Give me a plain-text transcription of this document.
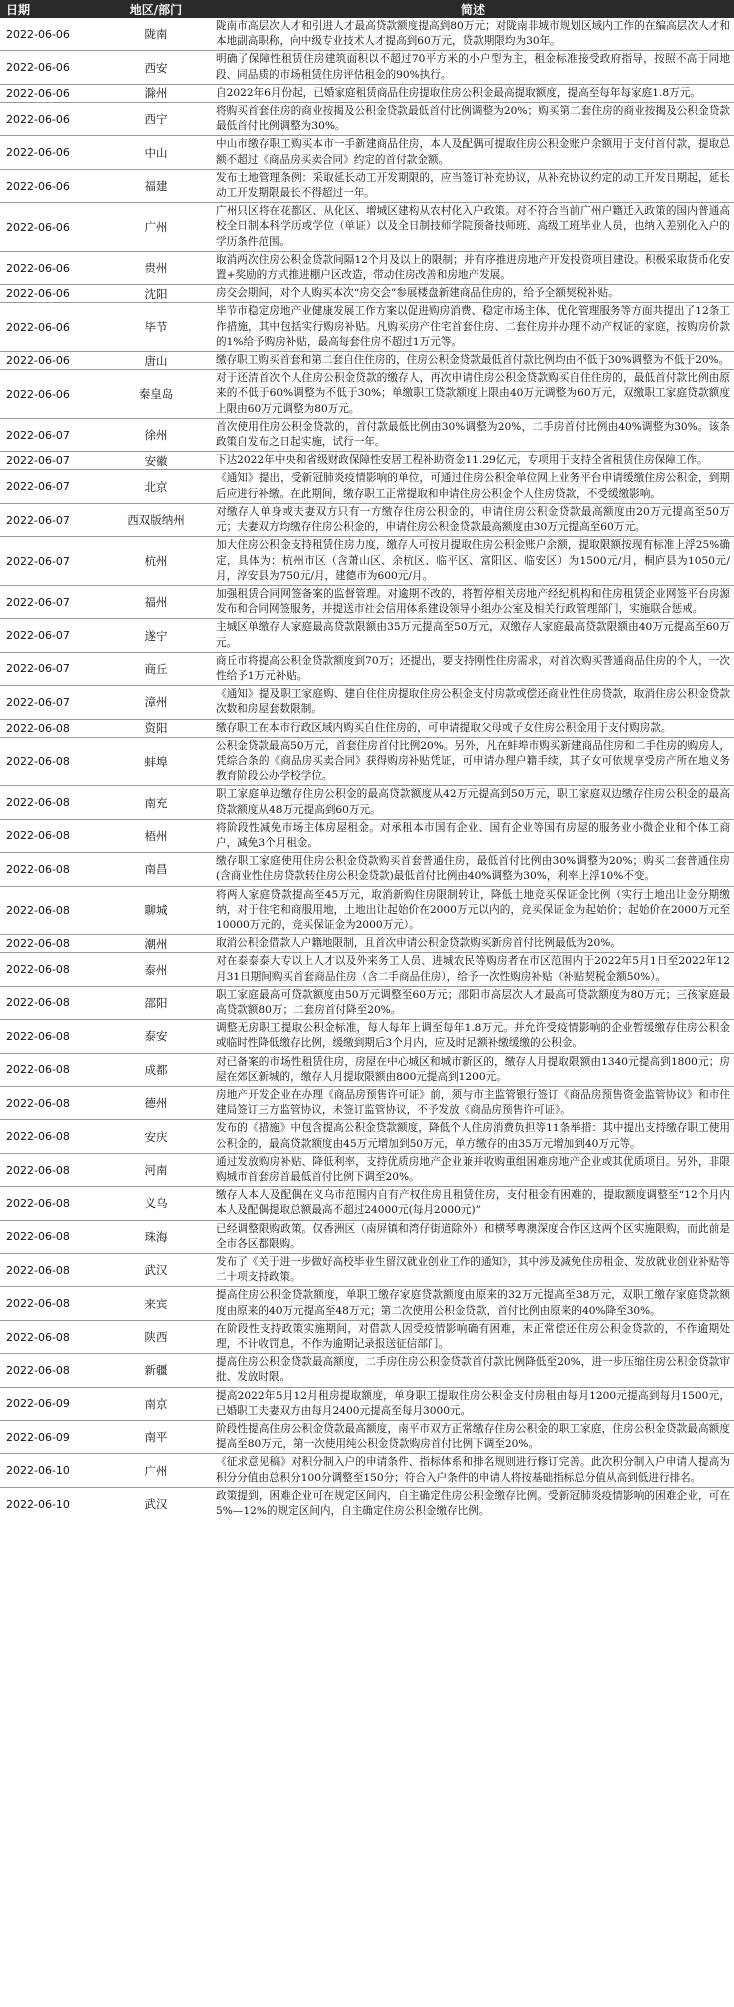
日期	地区/部门	简述
2022-06-06	陇南	陇南市高层次人才和引进人才最高贷款额度提高到80万元；对陇南非城市规划区域内工作的在编高层次人才和本地副高职称，向中级专业技术人才提高到60万元，贷款期限均为30年。
2022-06-06	西安	明确了保障性租赁住房建筑面积以不超过70平方米的小户型为主，租金标准接受政府指导，按照不高于同地段、同品质的市场租赁住房评估租金的90%执行。
2022-06-06	滁州	自2022年6月份起，已婚家庭租赁商品住房提取住房公积金最高提取额度，提高至每年每家庭1.8万元。
2022-06-06	西宁	将购买首套住房的商业按揭及公积金贷款最低首付比例调整为20%；购买第二套住房的商业按揭及公积金贷款最低首付比例调整为30%。
2022-06-06	中山	中山市缴存职工购买本市一手新建商品住房，本人及配偶可提取住房公积金账户余额用于支付首付款，提取总额不超过《商品房买卖合同》约定的首付款金额。
2022-06-06	福建	发布土地管理条例：采取延长动工开发期限的，应当签订补充协议，从补充协议约定的动工开发日期起，延长动工开发期限最长不得超过一年。
2022-06-06	广州	广州只区将在花都区、从化区、增城区建构从农村化入户政策。对不符合当前广州户籍迁入政策的国内普通高校全日制本科学历或学位（单证）以及全日制技师学院预备技师班、高级工班毕业人员，也纳入差别化入户的学历条件范围。
2022-06-06	贵州	取消两次住房公积金贷款间隔12个月及以上的限制；并有序推进房地产开发投资项目建设。积极采取货币化安置+奖励的方式推进棚户区改造，带动住房改善和房地产发展。
2022-06-06	沈阳	房交会期间，对个人购买本次“房交会”参展楼盘新建商品住房的，给予全额契税补贴。
2022-06-06	毕节	毕节市稳定房地产业健康发展工作方案以促进购房消费、稳定市场主体、优化管理服务等方面共提出了12条工作措施，其中包括实行购房补贴。凡购买房产住宅首套住房、二套住房并办理不动产权证的家庭，按购房价款的1%给予购房补贴，最高每套住房不超过1万元等。
2022-06-06	唐山	缴存职工购买首套和第二套自住住房的，住房公积金贷款最低首付款比例均由不低于30%调整为不低于20%。
2022-06-06	秦皇岛	对于还清首次个人住房公积金贷款的缴存人，再次申请住房公积金贷款购买自住住房的，最低首付款比例由原来的不低于60%调整为不低于30%；单缴职工贷款额度上限由40万元调整为60万元，双缴职工家庭贷款额度上限由60万元调整为80万元。
2022-06-07	徐州	首次使用住房公积金贷款的，首付款最低比例由30%调整为20%，二手房首付比例由40%调整为30%。该条政策自发布之日起实施，试行一年。
2022-06-07	安徽	下达2022年中央和省级财政保障性安居工程补助资金11.29亿元，专项用于支持全省租赁住房保障工作。
2022-06-07	北京	《通知》提出，受新冠肺炎疫情影响的单位，可通过住房公积金单位网上业务平台申请缓缴住房公积金，到期后应进行补缴。在此期间，缴存职工正常提取和申请住房公积金个人住房贷款，不受缓缴影响。
2022-06-07	西双版纳州	对缴存人单身或夫妻双方只有一方缴存住房公积金的，申请住房公积金贷款最高额度由20万元提高至50万元；夫妻双方均缴存住房公积金的，申请住房公积金贷款最高额度由30万元提高至60万元。
2022-06-07	杭州	加大住房公积金支持租赁住房力度，缴存人可按月提取住房公积金账户余额，提取限额按现有标准上浮25%确定，具体为：杭州市区（含萧山区、余杭区、临平区、富阳区、临安区）为1500元/月，桐庐县为1050元/月，淳安县为750元/月，建德市为600元/月。
2022-06-07	福州	加强租赁合同网签备案的监督管理。对逾期不改的，将暂停相关房地产经纪机构和住房租赁企业网签平台房源发布和合同网签服务，并提送市社会信用体系建设领导小组办公室及相关行政管理部门，实施联合惩戒。
2022-06-07	遂宁	主城区单缴存人家庭最高贷款限额由35万元提高至50万元，双缴存人家庭最高贷款限额由40万元提高至60万元。
2022-06-07	商丘	商丘市将提高公积金贷款额度到70万；还提出，要支持刚性住房需求，对首次购买普通商品住房的个人，一次性给予1万元补贴。
2022-06-07	漳州	《通知》提及职工家庭购、建自住住房提取住房公积金支付房款或偿还商业性住房贷款，取消住房公积金贷款次数和房屋套数限制。
2022-06-08	资阳	缴存职工在本市行政区域内购买自住住房的，可申请提取父母或子女住房公积金用于支付购房款。
2022-06-08	蚌埠	公积金贷款最高50万元，首套住房首付比例20%。另外，凡在蚌埠市购买新建商品住房和二手住房的购房人，凭综合条的《商品房买卖合同》获得购房补贴凭证，可申请办理户籍手续，其子女可依规享受房产所在地义务教育阶段公办学校学位。
2022-06-08	南充	职工家庭单边缴存住房公积金的最高贷款额度从42万元提高到50万元，职工家庭双边缴存住房公积金的最高贷款额度从48万元提高到60万元。
2022-06-08	梧州	将阶段性减免市场主体房屋租金。对承租本市国有企业、国有企业等国有房屋的服务业小微企业和个体工商户，减免3个月租金。
2022-06-08	南昌	缴存职工家庭使用住房公积金贷款购买首套普通住房，最低首付比例由30%调整为20%；购买二套普通住房(含商业性住房贷款转住房公积金贷款)最低首付比例由40%调整为30%，利率上浮10%不变。
2022-06-08	聊城	将两人家庭贷款提高至45万元，取消新购住房限制转让，降低土地竞买保证金比例（实行土地出让金分期缴纳，对于住宅和商服用地，土地出让起始价在2000万元以内的，竞买保证金为起始价；起始价在2000万元至10000万元的，竞买保证金为2000万元）。
2022-06-08	潮州	取消公积金借款人户籍地限制，且首次申请公积金贷款购买新房首付比例最低为20%。
2022-06-08	泰州	对在泰泰泰大专以上人才以及外来务工人员、进城农民等购房者在市区范围内于2022年5月1日至2022年12月31日期间购买首套商品住房（含二手商品住房），给予一次性购房补贴（补贴契税金额50%）。
2022-06-08	邵阳	职工家庭最高可贷款额度由50万元调整至60万元；邵阳市高层次人才最高可贷款额度为80万元；三孩家庭最高贷款额80万；二套房首付降至20%。
2022-06-08	泰安	调整无房职工提取公积金标准，每人每年上调至每年1.8万元。并允许受疫情影响的企业暂缓缴存住房公积金或临时性降低缴存比例，缓缴到期后3个月内，应及时足额补缴缓缴的公积金。
2022-06-08	成都	对已备案的市场性租赁住房，房屋在中心城区和城市新区的，缴存人月提取限额由1340元提高到1800元；房屋在郊区新城的，缴存人月提取限额由800元提高到1200元。
2022-06-08	德州	房地产开发企业在办理《商品房预售许可证》前，须与市主监管银行签订《商品房预售资金监管协议》和市住建局签订三方监管协议，未签订监管协议，不予发放《商品房预售许可证》。
2022-06-08	安庆	发布的《措施》中包含提高公积金贷款额度，降低个人住房消费负担等11条举措：其中提出支持缴存职工使用公积金的，最高贷款额度由45万元增加到50万元，单方缴存的由35万元增加到40万元等。
2022-06-08	河南	通过发放购房补贴、降低利率，支持优质房地产企业兼并收购重组困难房地产企业或其优质项目。另外，非限购城市首套房首最低首付比例下调至20%。
2022-06-08	义乌	缴存人本人及配偶在义乌市范围内自有产权住房且租赁住房，支付租金有困难的，提取额度调整至“12个月内本人及配偶提取总额最高不超过24000元(每月2000元)”
2022-06-08	珠海	已经调整限购政策。仅香洲区（南屏镇和湾仔街道除外）和横琴粤澳深度合作区这两个区实施限购，而此前是全市各区都限购。
2022-06-08	武汉	发布了《关于进一步做好高校毕业生留汉就业创业工作的通知》，其中涉及减免住房租金、发放就业创业补贴等二十项支持政策。
2022-06-08	来宾	提高住房公积金贷款额度，单职工缴存家庭贷款额度由原来的32万元提高至38万元，双职工缴存家庭贷款额度由原来的40万元提高至48万元；第二次使用公积金贷款，首付比例由原来的40%降至30%。
2022-06-08	陕西	在阶段性支持政策实施期间，对借款人因受疫情影响确有困难，未正常偿还住房公积金贷款的，不作逾期处理，不计收罚息，不作为逾期记录报送征信部门。
2022-06-08	新疆	提高住房公积金贷款最高额度，二手房住房公积金贷款首付款比例降低至20%，进一步压缩住房公积金贷款审批、发放时限。
2022-06-09	南京	提高2022年5月12月租房提取额度，单身职工提取住房公积金支付房租由每月1200元提高到每月1500元，已婚职工夫妻双方由每月2400元提高至每月3000元。
2022-06-09	南平	阶段性提高住房公积金贷款最高额度，南平市双方正常缴存住房公积金的职工家庭，住房公积金贷款最高额度提高至80万元，第一次使用纯公积金贷款购房首付比例下调至20%。
2022-06-10	广州	《征求意见稿》对积分制入户的申请条件、指标体系和排名规则进行修订完善。此次积分制入户申请人提高为积分分值由总积分100分调整至150分；符合入户条件的申请人将按基础指标总分值从高到低进行排名。
2022-06-10	武汉	政策提到，困难企业可在规定区间内，自主确定住房公积金缴存比例。受新冠肺炎疫情影响的困难企业，可在5%—12%的规定区间内，自主确定住房公积金缴存比例。
